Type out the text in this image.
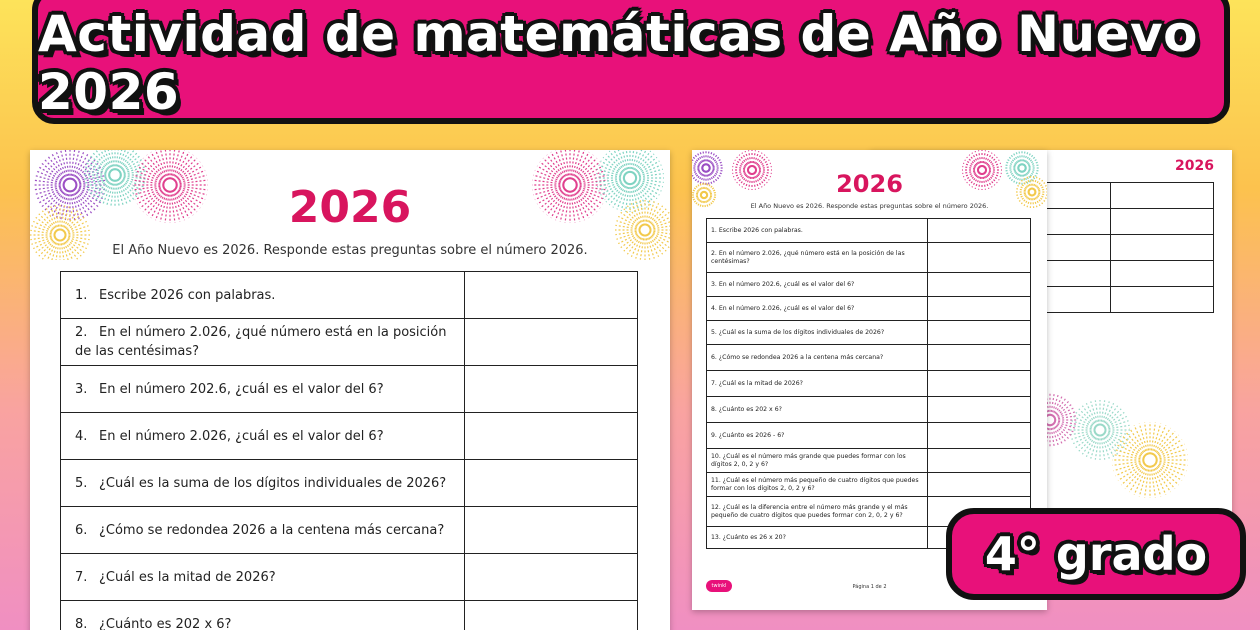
Actividad de matemáticas de Año Nuevo 2026
2026

2026
El Año Nuevo es 2026. Responde estas preguntas sobre el número 2026.
1. Escribe 2026 con palabras.	
2. En el número 2.026, ¿qué número está en la posición de las centésimas?	
3. En el número 202.6, ¿cuál es el valor del 6?	
4. En el número 2.026, ¿cuál es el valor del 6?	
5. ¿Cuál es la suma de los dígitos individuales de 2026?	
6. ¿Cómo se redondea 2026 a la centena más cercana?	
7. ¿Cuál es la mitad de 2026?	
8. ¿Cuánto es 202 x 6?	
9. ¿Cuánto es 2026 - 6?	
10. ¿Cuál es el número más grande que puedes formar con los dígitos 2, 0, 2 y 6?	
11. ¿Cuál es el número más pequeño de cuatro dígitos que puedes formar con los dígitos 2, 0, 2 y 6?	
12. ¿Cuál es la diferencia entre el número más grande y el más pequeño de cuatro dígitos que puedes formar con 2, 0, 2 y 6?	
13. ¿Cuánto es 26 x 20?	
twinkl	Página 1 de 2
2026
El Año Nuevo es 2026. Responde estas preguntas sobre el número 2026.
1. Escribe 2026 con palabras.	
2. En el número 2.026, ¿qué número está en la posición de las centésimas?	
3. En el número 202.6, ¿cuál es el valor del 6?	
4. En el número 2.026, ¿cuál es el valor del 6?	
5. ¿Cuál es la suma de los dígitos individuales de 2026?	
6. ¿Cómo se redondea 2026 a la centena más cercana?	
7. ¿Cuál es la mitad de 2026?	
8. ¿Cuánto es 202 x 6?	
4° grado
